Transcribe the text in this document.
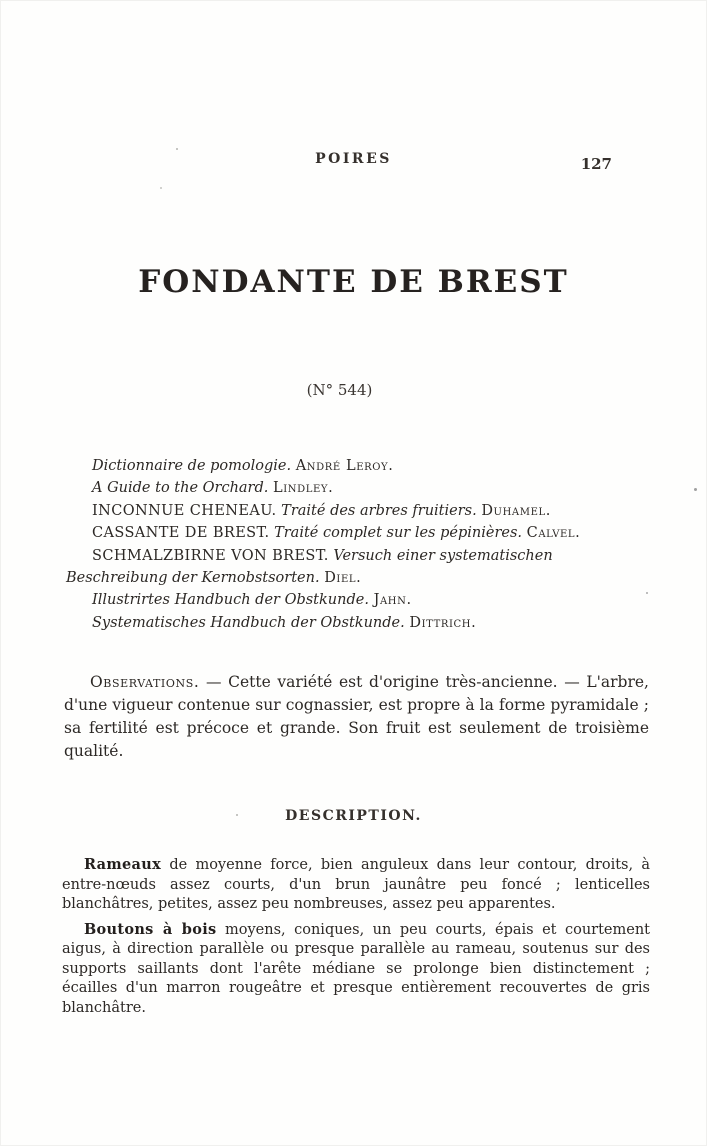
POIRES	127
FONDANTE DE BREST
(N° 544)
Dictionnaire de pomologie. André Leroy.
A Guide to the Orchard. Lindley.
INCONNUE CHENEAU. Traité des arbres fruitiers. Duhamel.
CASSANTE DE BREST. Traité complet sur les pépinières. Calvel.
SCHMALZBIRNE VON BREST. Versuch einer systematischen Beschreibung der Kernobstsorten. Diel.
Illustrirtes Handbuch der Obstkunde. Jahn.
Systematisches Handbuch der Obstkunde. Dittrich.
Observations. — Cette variété est d'origine très-ancienne. — L'arbre, d'une vigueur contenue sur cognassier, est propre à la forme pyramidale ; sa fertilité est précoce et grande. Son fruit est seulement de troisième qualité.
DESCRIPTION.

Rameaux de moyenne force, bien anguleux dans leur contour, droits, à entre-nœuds assez courts, d'un brun jaunâtre peu foncé ; lenticelles blanchâtres, petites, assez peu nombreuses, assez peu apparentes.

Boutons à bois moyens, coniques, un peu courts, épais et courtement aigus, à direction parallèle ou presque parallèle au rameau, soutenus sur des supports saillants dont l'arête médiane se prolonge bien distinctement ; écailles d'un marron rougeâtre et presque entièrement recouvertes de gris blanchâtre.
